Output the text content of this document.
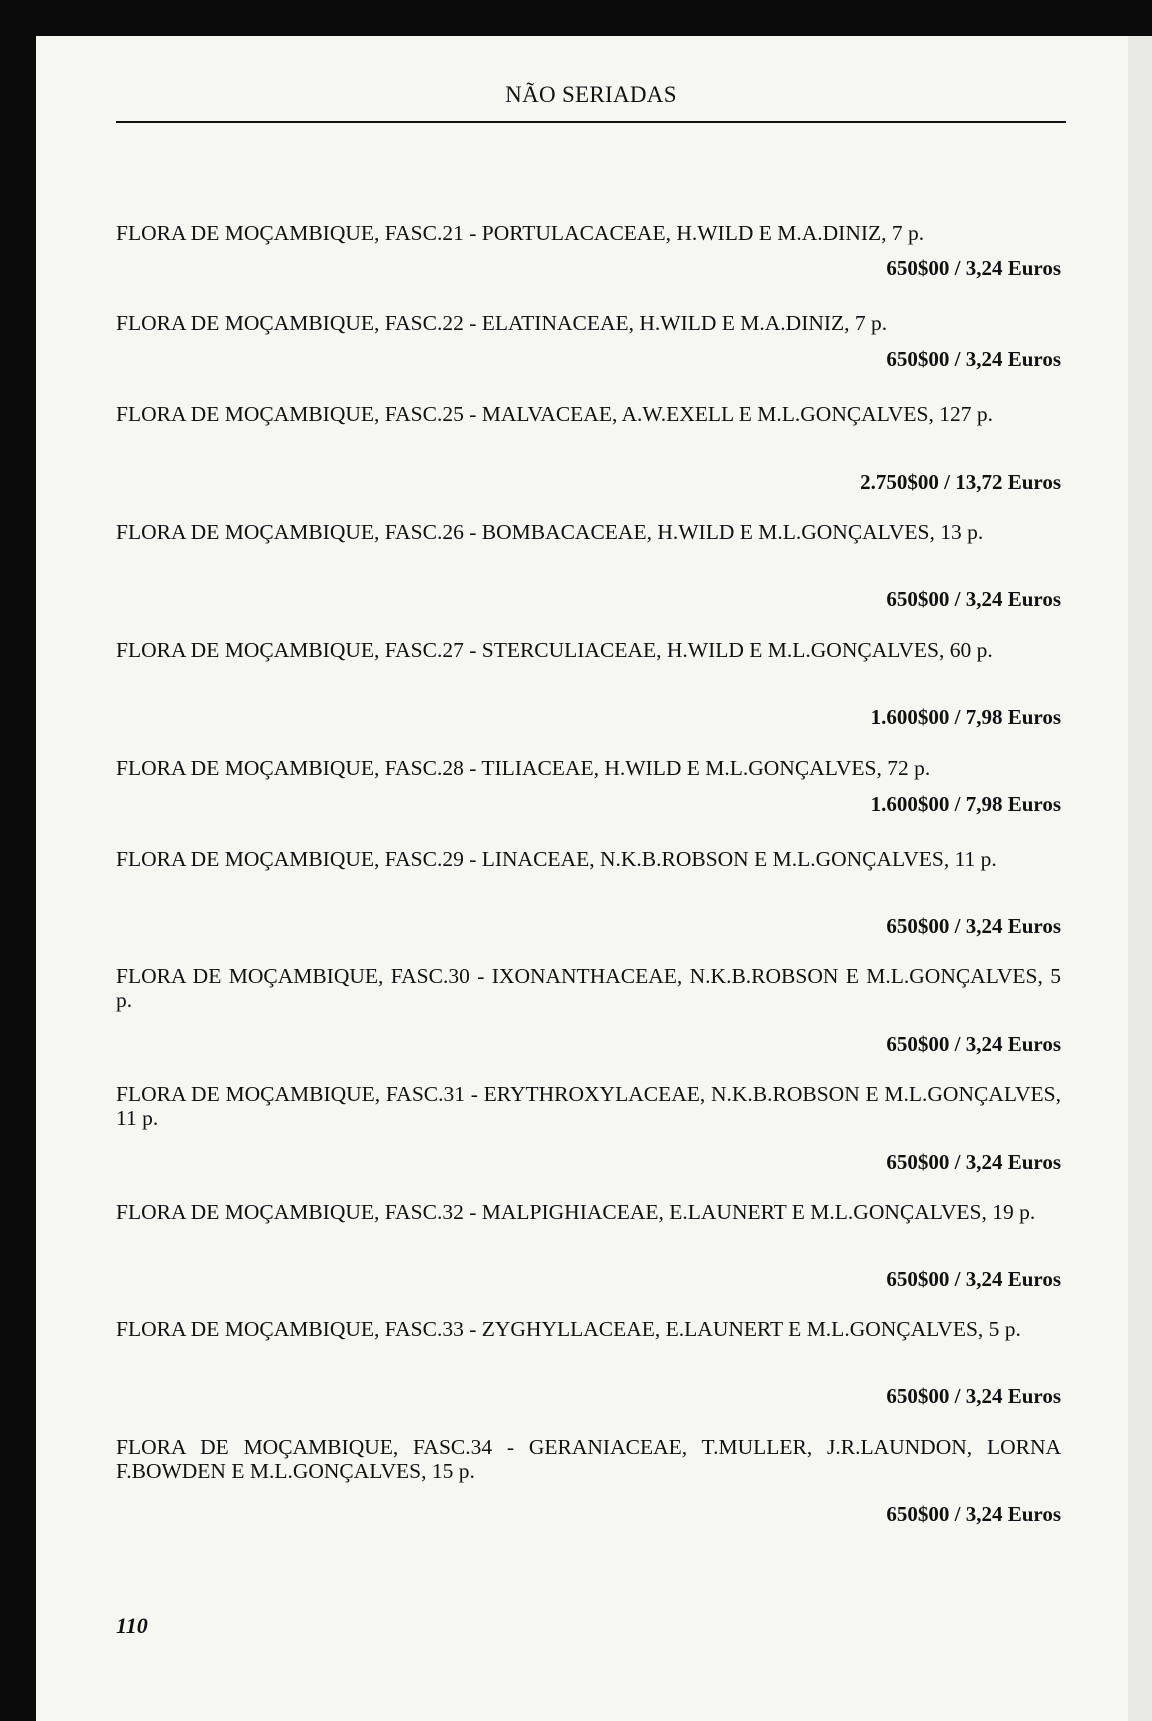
NÃO SERIADAS
FLORA DE MOÇAMBIQUE, FASC.21 - PORTULACACEAE, H.WILD E M.A.DINIZ, 7 p.
650$00 / 3,24 Euros
FLORA DE MOÇAMBIQUE, FASC.22 - ELATINACEAE, H.WILD E M.A.DINIZ, 7 p.
650$00 / 3,24 Euros
FLORA DE MOÇAMBIQUE, FASC.25 - MALVACEAE, A.W.EXELL E M.L.GONÇALVES, 127 p.
2.750$00 / 13,72 Euros
FLORA DE MOÇAMBIQUE, FASC.26 - BOMBACACEAE, H.WILD E M.L.GONÇALVES, 13 p.
650$00 / 3,24 Euros
FLORA DE MOÇAMBIQUE, FASC.27 - STERCULIACEAE, H.WILD E M.L.GONÇALVES, 60 p.
1.600$00 / 7,98 Euros
FLORA DE MOÇAMBIQUE, FASC.28 - TILIACEAE, H.WILD E M.L.GONÇALVES, 72 p.
1.600$00 / 7,98 Euros
FLORA DE MOÇAMBIQUE, FASC.29 - LINACEAE, N.K.B.ROBSON E M.L.GONÇALVES, 11 p.
650$00 / 3,24 Euros
FLORA DE MOÇAMBIQUE, FASC.30 - IXONANTHACEAE, N.K.B.ROBSON E M.L.GONÇALVES, 5 p.
650$00 / 3,24 Euros
FLORA DE MOÇAMBIQUE, FASC.31 - ERYTHROXYLACEAE, N.K.B.ROBSON E M.L.GONÇALVES, 11 p.
650$00 / 3,24 Euros
FLORA DE MOÇAMBIQUE, FASC.32 - MALPIGHIACEAE, E.LAUNERT E M.L.GONÇALVES, 19 p.
650$00 / 3,24 Euros
FLORA DE MOÇAMBIQUE, FASC.33 - ZYGHYLLACEAE, E.LAUNERT E M.L.GONÇALVES, 5 p.
650$00 / 3,24 Euros
FLORA DE MOÇAMBIQUE, FASC.34 - GERANIACEAE, T.MULLER, J.R.LAUNDON, LORNA F.BOWDEN E M.L.GONÇALVES, 15 p.
650$00 / 3,24 Euros
110
